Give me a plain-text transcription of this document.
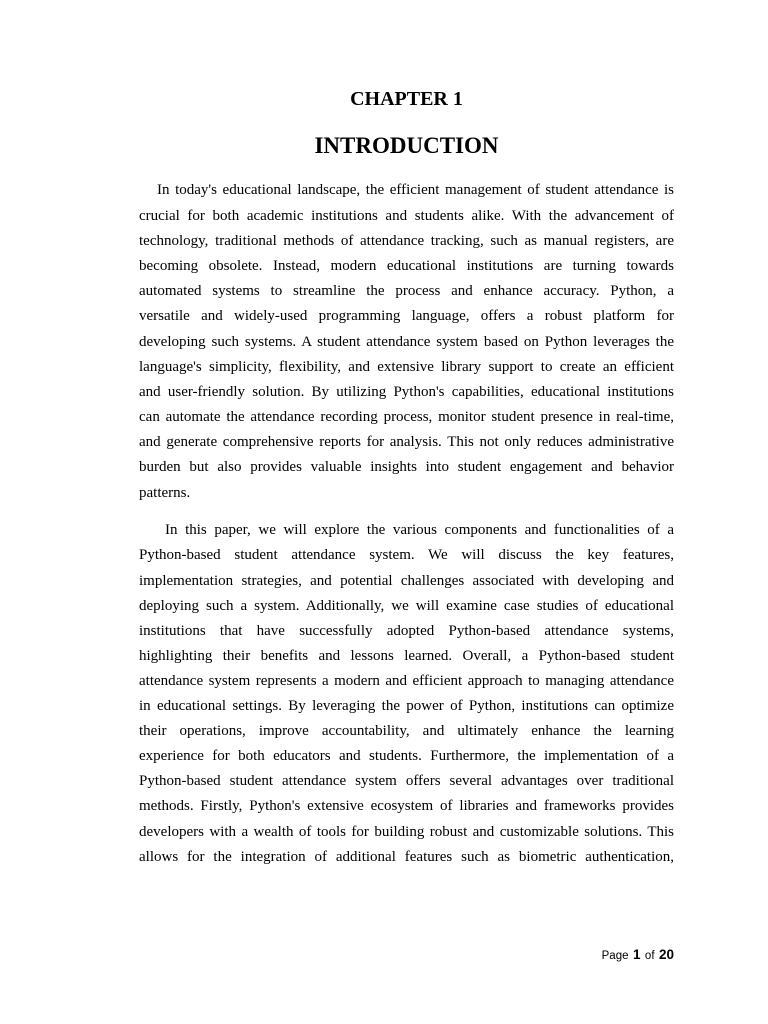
CHAPTER 1
INTRODUCTION
In today's educational landscape, the efficient management of student attendance is
crucial for both academic institutions and students alike. With the advancement of
technology, traditional methods of attendance tracking, such as manual registers, are
becoming obsolete. Instead, modern educational institutions are turning towards
automated systems to streamline the process and enhance accuracy. Python, a
versatile and widely-used programming language, offers a robust platform for
developing such systems. A student attendance system based on Python leverages the
language's simplicity, flexibility, and extensive library support to create an efficient
and user-friendly solution. By utilizing Python's capabilities, educational institutions
can automate the attendance recording process, monitor student presence in real-time,
and generate comprehensive reports for analysis. This not only reduces administrative
burden but also provides valuable insights into student engagement and behavior
patterns.
In this paper, we will explore the various components and functionalities of a
Python-based student attendance system. We will discuss the key features,
implementation strategies, and potential challenges associated with developing and
deploying such a system. Additionally, we will examine case studies of educational
institutions that have successfully adopted Python-based attendance systems,
highlighting their benefits and lessons learned. Overall, a Python-based student
attendance system represents a modern and efficient approach to managing attendance
in educational settings. By leveraging the power of Python, institutions can optimize
their operations, improve accountability, and ultimately enhance the learning
experience for both educators and students. Furthermore, the implementation of a
Python-based student attendance system offers several advantages over traditional
methods. Firstly, Python's extensive ecosystem of libraries and frameworks provides
developers with a wealth of tools for building robust and customizable solutions. This
allows for the integration of additional features such as biometric authentication,
Page 1 of 20
